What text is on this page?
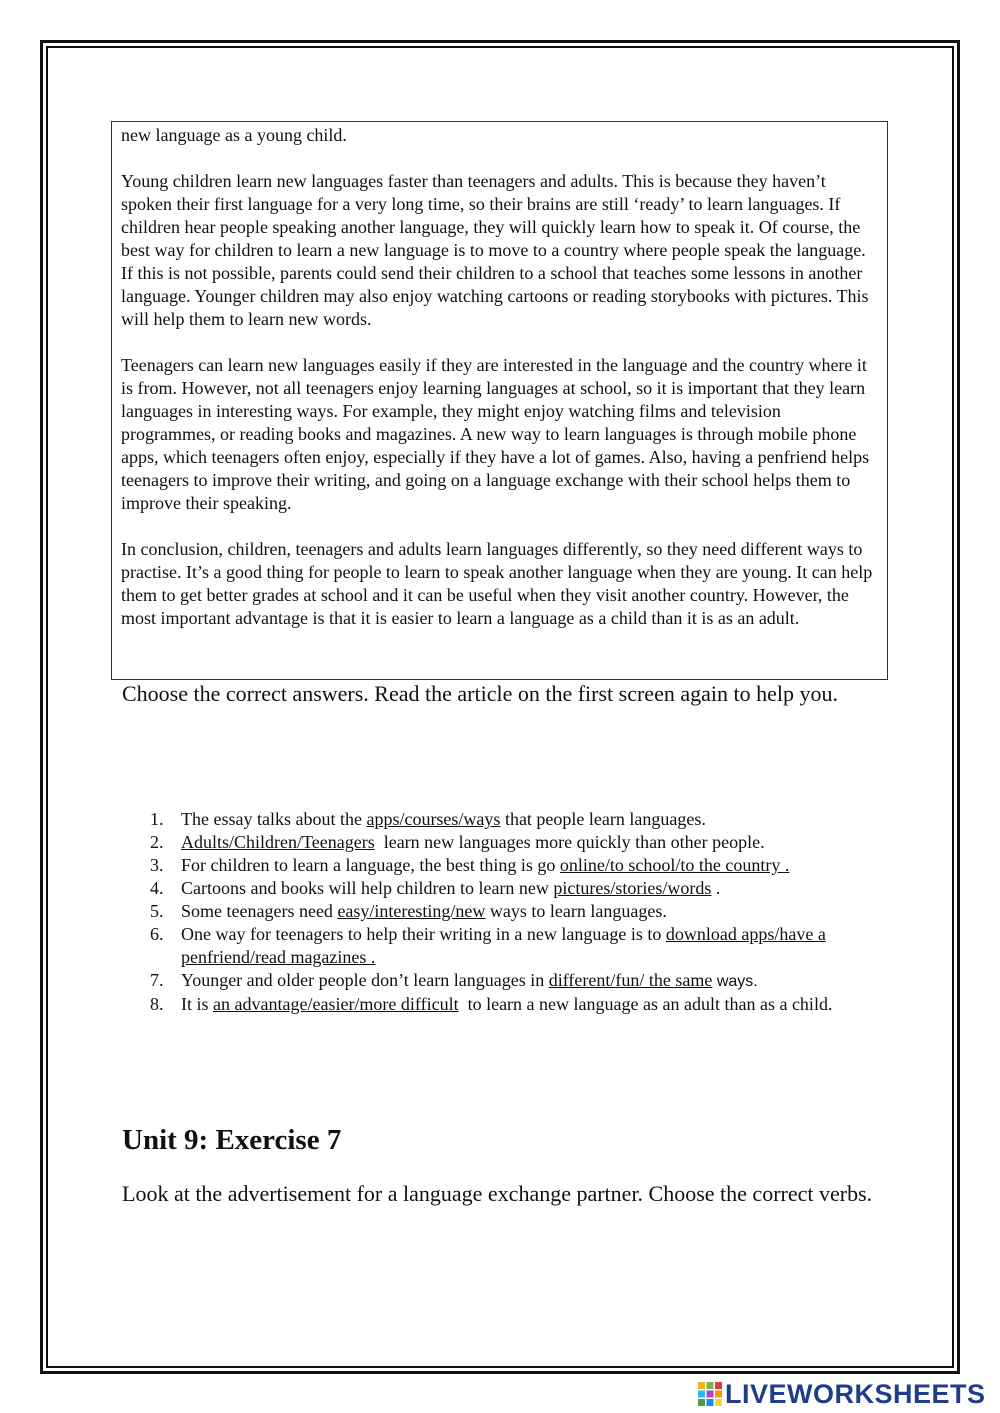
new language as a young child.

Young children learn new languages faster than teenagers and adults. This is because they haven’t spoken their first language for a very long time, so their brains are still ‘ready’ to learn languages. If children hear people speaking another language, they will quickly learn how to speak it. Of course, the best way for children to learn a new language is to move to a country where people speak the language. If this is not possible, parents could send their children to a school that teaches some lessons in another language. Younger children may also enjoy watching cartoons or reading storybooks with pictures. This will help them to learn new words.

Teenagers can learn new languages easily if they are interested in the language and the country where it is from. However, not all teenagers enjoy learning languages at school, so it is important that they learn languages in interesting ways. For example, they might enjoy watching films and television programmes, or reading books and magazines. A new way to learn languages is through mobile phone apps, which teenagers often enjoy, especially if they have a lot of games. Also, having a penfriend helps teenagers to improve their writing, and going on a language exchange with their school helps them to improve their speaking.

In conclusion, children, teenagers and adults learn languages differently, so they need different ways to practise. It’s a good thing for people to learn to speak another language when they are young. It can help them to get better grades at school and it can be useful when they visit another country. However, the most important advantage is that it is easier to learn a language as a child than it is as an adult.

Choose the correct answers. Read the article on the first screen again to help you.

1. The essay talks about the apps/courses/ways that people learn languages.
2. Adults/Children/Teenagers  learn new languages more quickly than other people.
3. For children to learn a language, the best thing is go online/to school/to the country .
4. Cartoons and books will help children to learn new pictures/stories/words .
5. Some teenagers need easy/interesting/new ways to learn languages.
6. One way for teenagers to help their writing in a new language is to download apps/have a penfriend/read magazines .
7. Younger and older people don’t learn languages in different/fun/ the same ways.
8. It is an advantage/easier/more difficult  to learn a new language as an adult than as a child.
Unit 9: Exercise 7

Look at the advertisement for a language exchange partner. Choose the correct verbs.

LIVEWORKSHEETS
